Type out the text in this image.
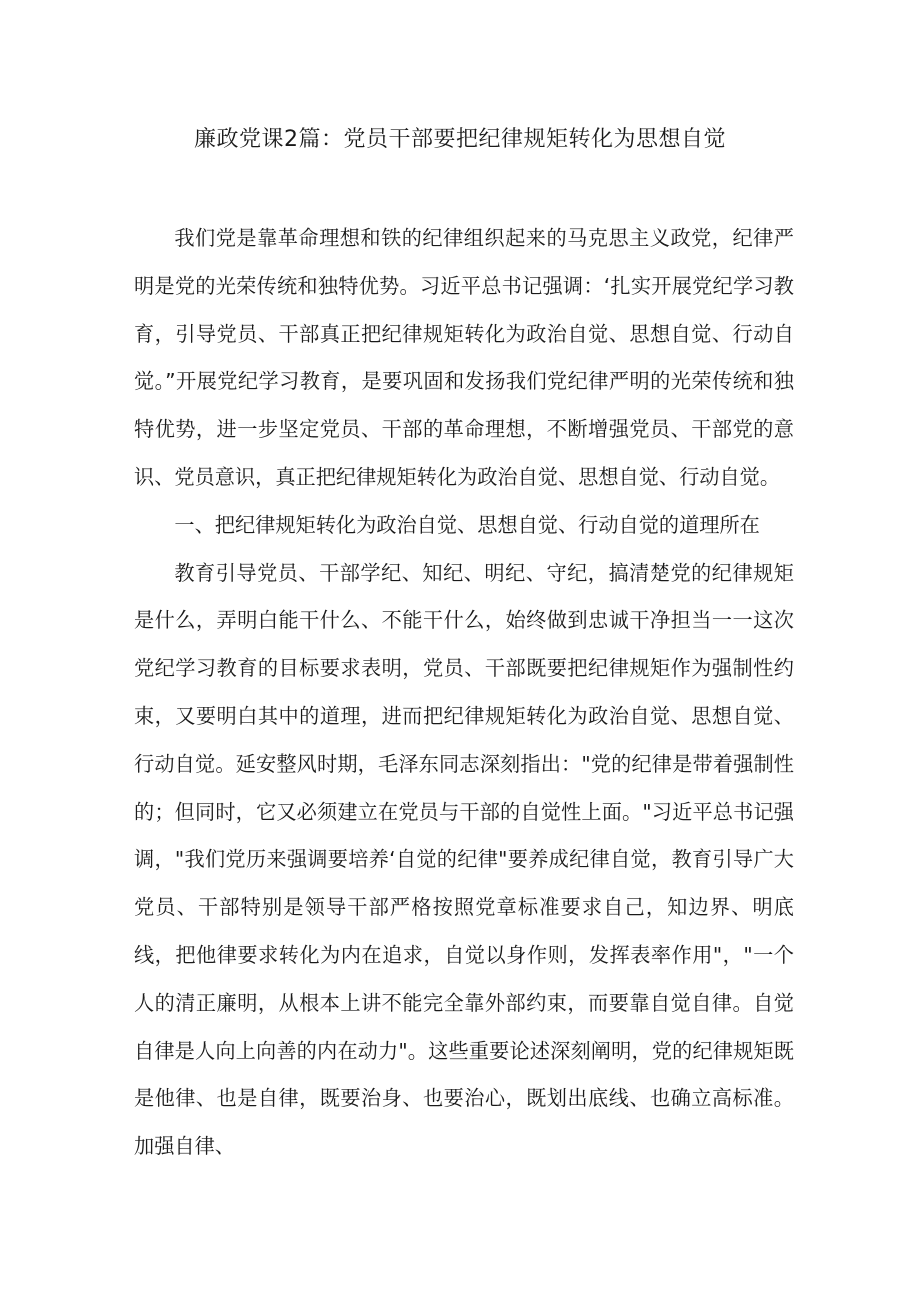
廉政党课2篇：党员干部要把纪律规矩转化为思想自觉

我们党是靠革命理想和铁的纪律组织起来的马克思主义政党，纪律严明是党的光荣传统和独特优势。习近平总书记强调：‘扎实开展党纪学习教育，引导党员、干部真正把纪律规矩转化为政治自觉、思想自觉、行动自觉。”开展党纪学习教育，是要巩固和发扬我们党纪律严明的光荣传统和独特优势，进一步坚定党员、干部的革命理想，不断增强党员、干部党的意识、党员意识，真正把纪律规矩转化为政治自觉、思想自觉、行动自觉。

一、把纪律规矩转化为政治自觉、思想自觉、行动自觉的道理所在

教育引导党员、干部学纪、知纪、明纪、守纪，搞清楚党的纪律规矩是什么，弄明白能干什么、不能干什么，始终做到忠诚干净担当一一这次党纪学习教育的目标要求表明，党员、干部既要把纪律规矩作为强制性约束，又要明白其中的道理，进而把纪律规矩转化为政治自觉、思想自觉、行动自觉。延安整风时期，毛泽东同志深刻指出："党的纪律是带着强制性的；但同时，它又必须建立在党员与干部的自觉性上面。"习近平总书记强调，"我们党历来强调要培养‘自觉的纪律"要养成纪律自觉，教育引导广大党员、干部特别是领导干部严格按照党章标准要求自己，知边界、明底线，把他律要求转化为内在追求，自觉以身作则，发挥表率作用"，"一个人的清正廉明，从根本上讲不能完全靠外部约束，而要靠自觉自律。自觉自律是人向上向善的内在动力"。这些重要论述深刻阐明，党的纪律规矩既是他律、也是自律，既要治身、也要治心，既划出底线、也确立高标准。加强自律、
